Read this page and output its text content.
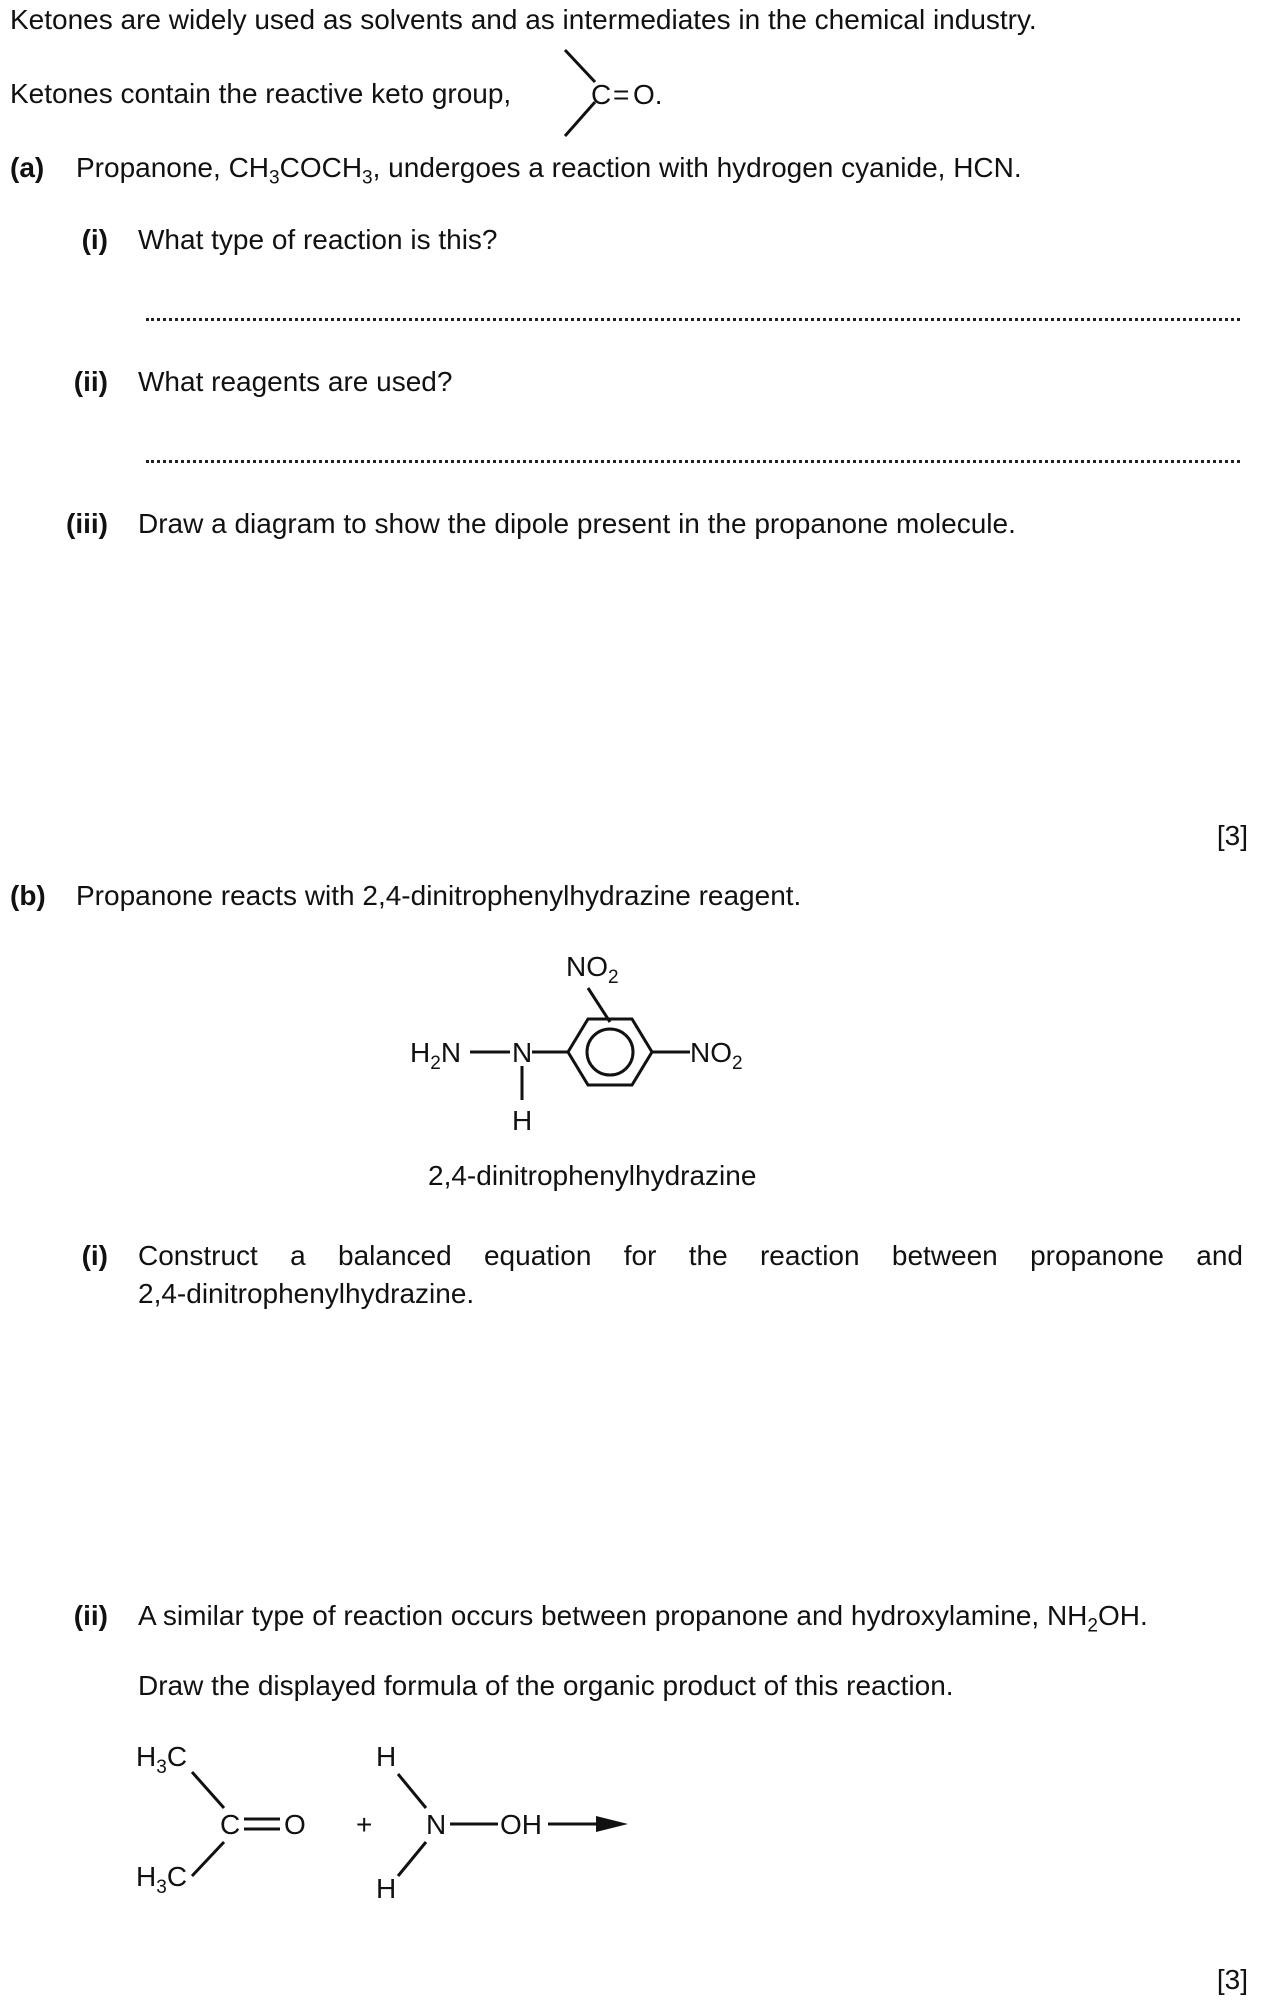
Ketones are widely used as solvents and as intermediates in the chemical industry.
Ketones contain the reactive keto group,	C = O.
(a) Propanone, $CH_3COCH_3$, undergoes a reaction with hydrogen cyanide, HCN.
(i) What type of reaction is this?
(ii) What reagents are used?
(iii) Draw a diagram to show the dipole present in the propanone molecule.
[3]
(b) Propanone reacts with 2,4-dinitrophenylhydrazine reagent.
$NO_2$
$H_2N$ N
H
$NO_2$
2,4-dinitrophenylhydrazine
(i) Construct a balanced equation for the reaction between propanone and
2,4-dinitrophenylhydrazine.
(ii) A similar type of reaction occurs between propanone and hydroxylamine, $NH_2OH$.
Draw the displayed formula of the organic product of this reaction.
$H_3C$
C O
$H_3C$
+
H
N
H
OH
[3]
